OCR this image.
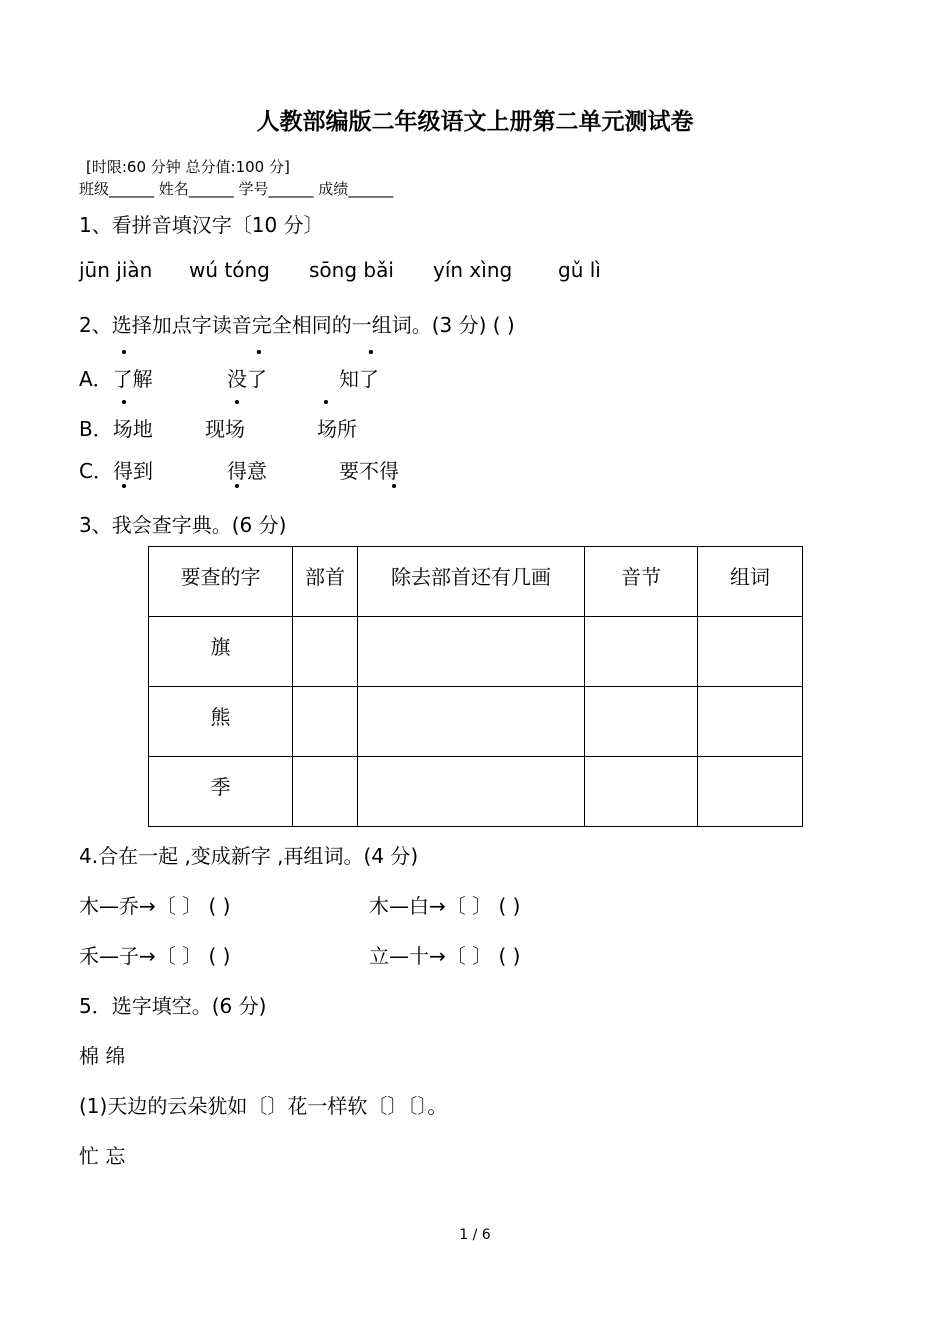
人教部编版二年级语文上册第二单元测试卷
[时限:60 分钟 总分值:100 分]
班级______ 姓名______ 学号______ 成绩______
1、看拼音填汉字〔10 分〕
jūn jiàn wú tóng sōng bǎi yín xìng gǔ lì
2、选择加点字读音完全相同的一组词。(3 分) ( )
A．了解	没了	知了
B．场地	现场	场所
C．得到	得意	要不得
3、我会查字典。(6 分)
要查的字	部首	除去部首还有几画	音节	组词
旗				
熊				
季				
4.合在一起 ,变成新字 ,再组词。(4 分)
木—乔→〔 〕 ( )	木—白→〔 〕 ( )
禾—子→〔 〕 ( )	立—十→〔 〕 ( )
5．选字填空。(6 分)
棉 绵
(1)天边的云朵犹如〔〕花一样软〔〕〔〕。
忙 忘
1 / 6
